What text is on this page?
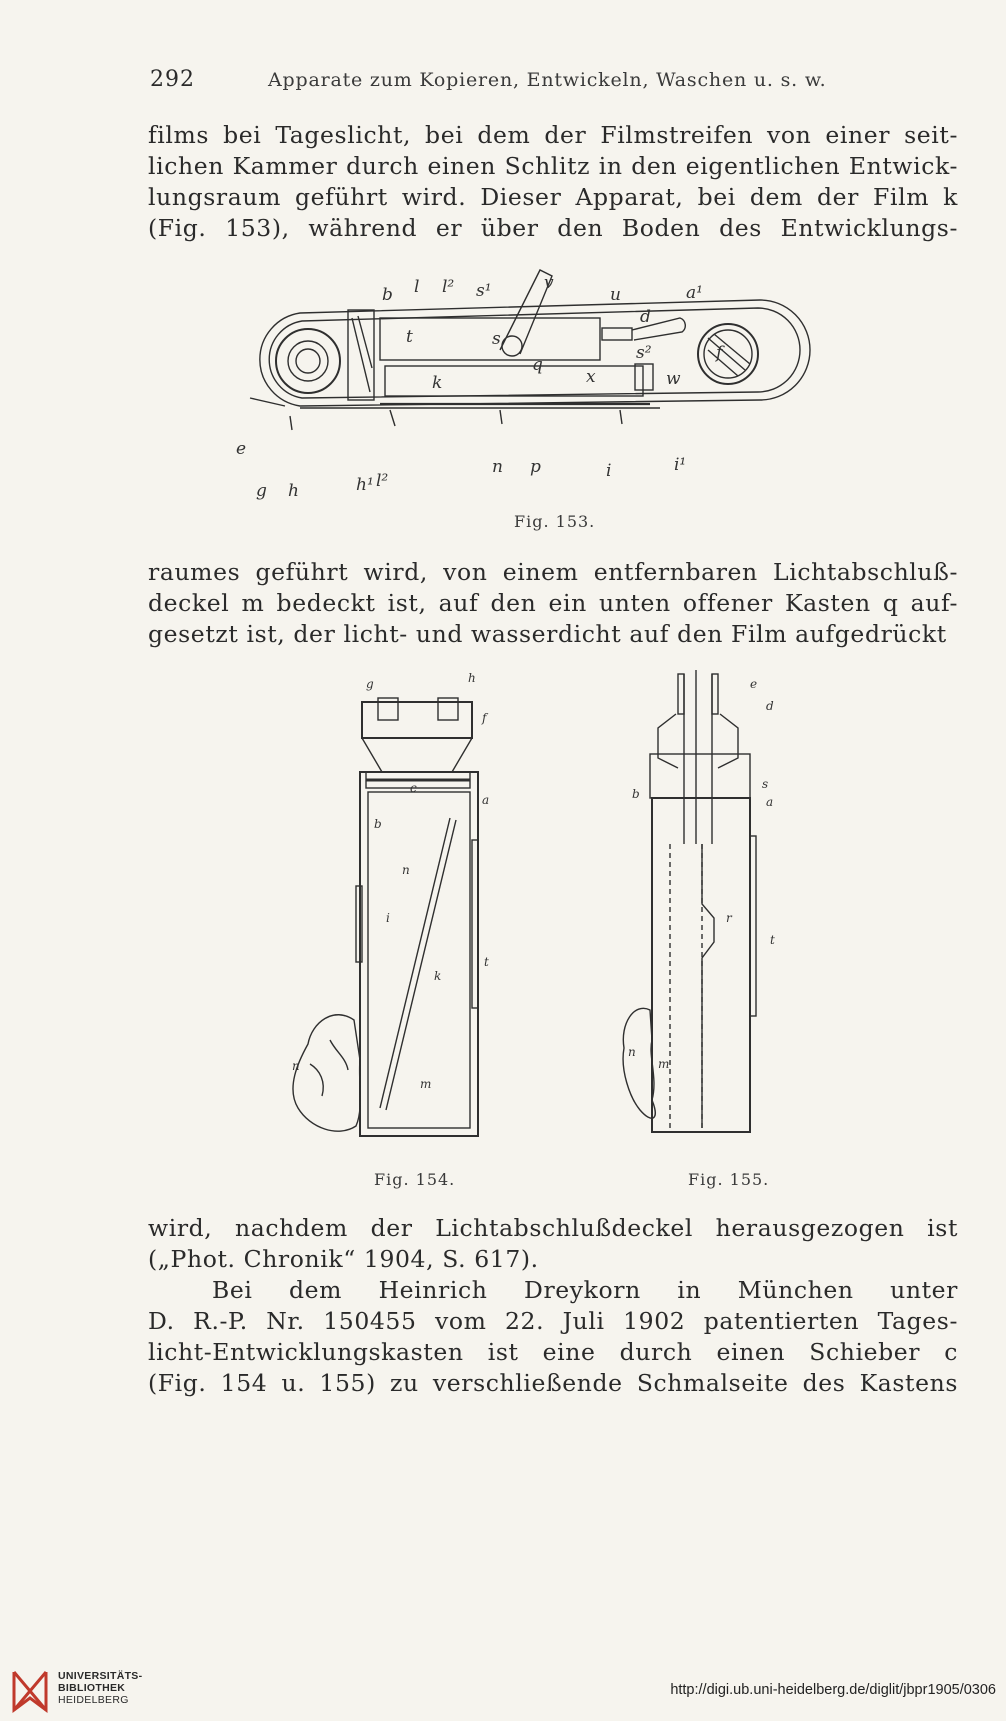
292	Apparate zum Kopieren, Entwickeln, Waschen u. s. w.
films bei Tageslicht, bei dem der Filmstreifen von einer seit-
lichen Kammer durch einen Schlitz in den eigentlichen Entwick-
lungsraum geführt wird. Dieser Apparat, bei dem der Film k
(Fig. 153), während er über den Boden des Entwicklungs-
b l l² s¹	v
u	a¹
d
s
t
k
q
x
s²
w
f
e
g h	h¹ l²
n p	i	i¹
Fig. 153.
raumes geführt wird, von einem entfernbaren Lichtabschluß-
deckel m bedeckt ist, auf den ein unten offener Kasten q auf-
gesetzt ist, der licht- und wasserdicht auf den Film aufgedrückt
g	h
f
c
a
b
n
i
t
k
n
m
Fig. 154.
e
d
b
s
a
r
t
n
m
Fig. 155.
wird, nachdem der Lichtabschlußdeckel herausgezogen ist
(„Phot. Chronik“ 1904, S. 617).
Bei dem Heinrich Dreykorn in München unter
D. R.-P. Nr. 150455 vom 22. Juli 1902 patentierten Tages-
licht-Entwicklungskasten ist eine durch einen Schieber c
(Fig. 154 u. 155) zu verschließende Schmalseite des Kastens
UNIVERSITÄTS-
BIBLIOTHEK
HEIDELBERG
http://digi.ub.uni-heidelberg.de/diglit/jbpr1905/0306
